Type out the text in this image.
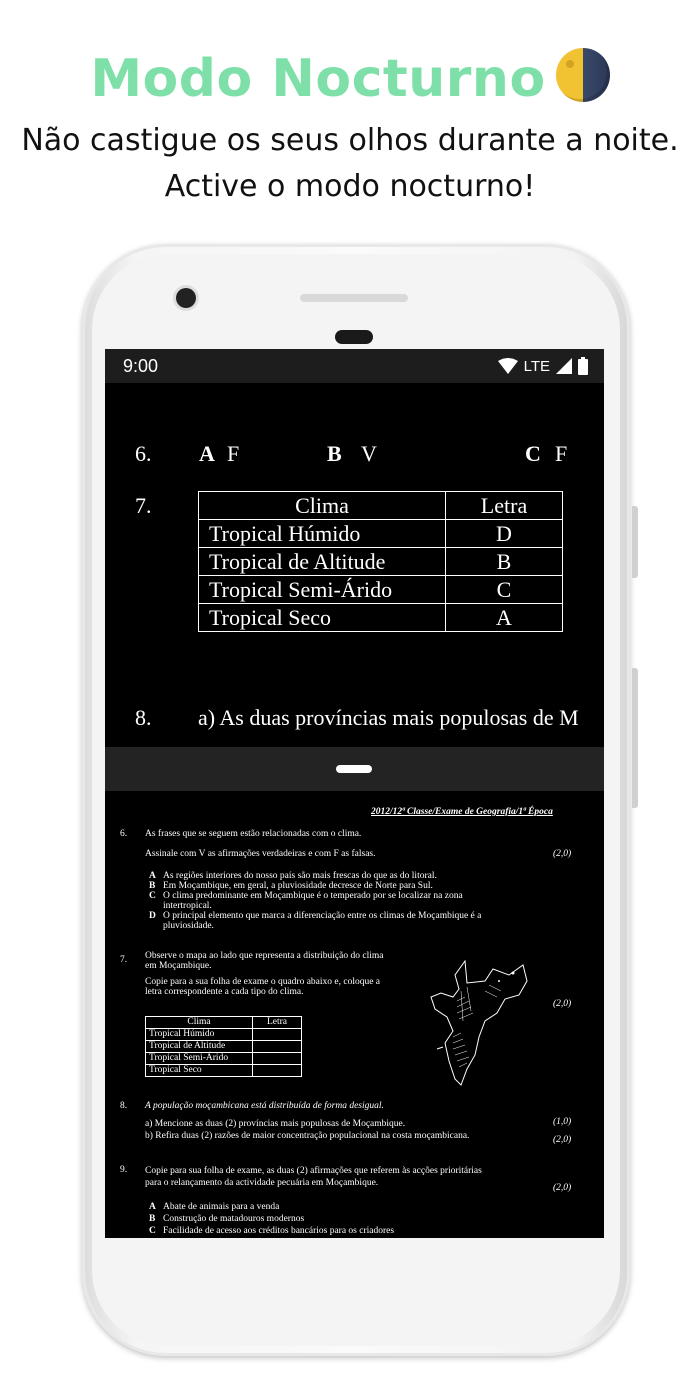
Modo Nocturno
Não castigue os seus olhos durante a noite.
Active o modo nocturno!
9:00	LTE
6. A F	B V	C F
7.	Clima	Letra
Tropical Húmido	D
Tropical de Altitude	B
Tropical Semi-Árido	C
Tropical Seco	A
8. a) As duas províncias mais populosas de M
2012/12ª Classe/Exame de Geografia/1ª Época
6. As frases que se seguem estão relacionadas com o clima.
Assinale com V as afirmações verdadeiras e com F as falsas.	(2,0)
A As regiões interiores do nosso país são mais frescas do que as do litoral.
B Em Moçambique, em geral, a pluviosidade decresce de Norte para Sul.
C O clima predominante em Moçambique é o temperado por se localizar na zona
intertropical.
D O principal elemento que marca a diferenciação entre os climas de Moçambique é a
pluviosidade.
7. Observe o mapa ao lado que representa a distribuição do clima
em Moçambique.
Copie para a sua folha de exame o quadro abaixo e, coloque a
letra correspondente a cada tipo do clima.
(2,0)
Clima	Letra
Tropical Húmido	
Tropical de Altitude	
Tropical Semi-Árido	
Tropical Seco	
8. A população moçambicana está distribuída de forma desigual.
a) Mencione as duas (2) províncias mais populosas de Moçambique.	(1,0)
b) Refira duas (2) razões de maior concentração populacional na costa moçambicana.	(2,0)
9. Copie para sua folha de exame, as duas (2) afirmações que referem às acções prioritárias
para o relançamento da actividade pecuária em Moçambique.	(2,0)
A Abate de animais para a venda
B Construção de matadouros modernos
C Facilidade de acesso aos créditos bancários para os criadores
